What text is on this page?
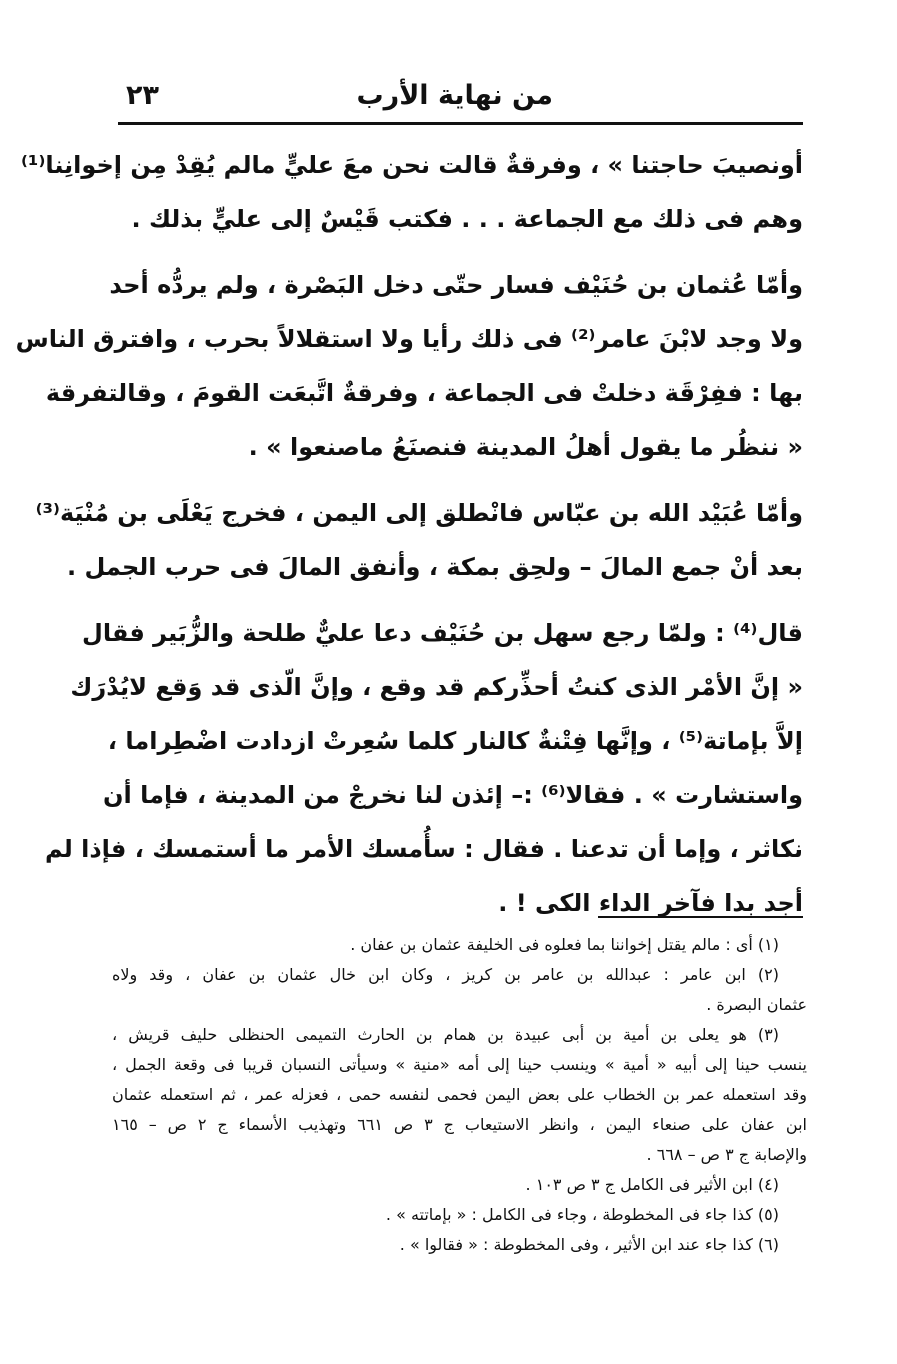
من نهاية الأرب
٢٣
أونصيبَ حاجتنا » ، وفرقةٌ قالت نحن معَ عليٍّ مالم يُقِدْ مِن إخوانِنا⁽¹⁾
وهم فى ذلك مع الجماعة . . . فكتب قَيْسٌ إلى عليٍّ بذلك .
وأمّا عُثمان بن حُنَيْف فسار حتّى دخل البَصْرة ، ولم يردُّه أحد
ولا وجد لابْنَ عامر⁽²⁾ فى ذلك رأيا ولا استقلالاً بحرب ، وافترق الناس
بها : ففِرْقَة دخلتْ فى الجماعة ، وفرقةٌ اتَّبعَت القومَ ، وقالتفرقة
« ننظُر ما يقول أهلُ المدينة فنصنَعُ ماصنعوا » .
وأمّا عُبَيْد الله بن عبّاس فانْطلق إلى اليمن ، فخرج يَعْلَى بن مُنْيَة⁽³⁾
بعد أنْ جمع المالَ – ولحِق بمكة ، وأنفق المالَ فى حرب الجمل .
قال⁽⁴⁾ : ولمّا رجع سهل بن حُنَيْف دعا عليٌّ طلحة والزُّبَير فقال
« إنَّ الأمْر الذى كنتُ أحذِّركم قد وقع ، وإنَّ الّذى قد وَقع لايُدْرَك
إلاَّ بإماتة⁽⁵⁾ ، وإنَّها فِتْنةٌ كالنار كلما سُعِرتْ ازدادت اضْطِراما ،
واستشارت » . فقالا⁽⁶⁾ :– إئذن لنا نخرجْ من المدينة ، فإما أن
نكاثر ، وإما أن تدعنا . فقال : سأُمسك الأمر ما أستمسك ، فإذا لم
أجد بدا فآخر الداء الكى ! .
(١) أى : مالم يقتل إخواننا بما فعلوه فى الخليفة عثمان بن عفان .
(٢) ابن عامر : عبدالله بن عامر بن كريز ، وكان ابن خال عثمان بن عفان ، وقد ولاه
عثمان البصرة .
(٣) هو يعلى بن أمية بن أبى عبيدة بن همام بن الحارث التميمى الحنظلى حليف قريش ،
ينسب حينا إلى أبيه « أمية » وينسب حينا إلى أمه «منية » وسيأتى النسبان قريبا فى وقعة الجمل ،
وقد استعمله عمر بن الخطاب على بعض اليمن فحمى لنفسه حمى ، فعزله عمر ، ثم استعمله عثمان
ابن عفان على صنعاء اليمن ، وانظر الاستيعاب ج ٣ ص ٦٦١ وتهذيب الأسماء ج ٢ ص – ١٦٥
والإصابة ج ٣ ص – ٦٦٨ .
(٤) ابن الأثير فى الكامل ج ٣ ص ١٠٣ .
(٥) كذا جاء فى المخطوطة ، وجاء فى الكامل : « بإماتته » .
(٦) كذا جاء عند ابن الأثير ، وفى المخطوطة : « فقالوا » .
